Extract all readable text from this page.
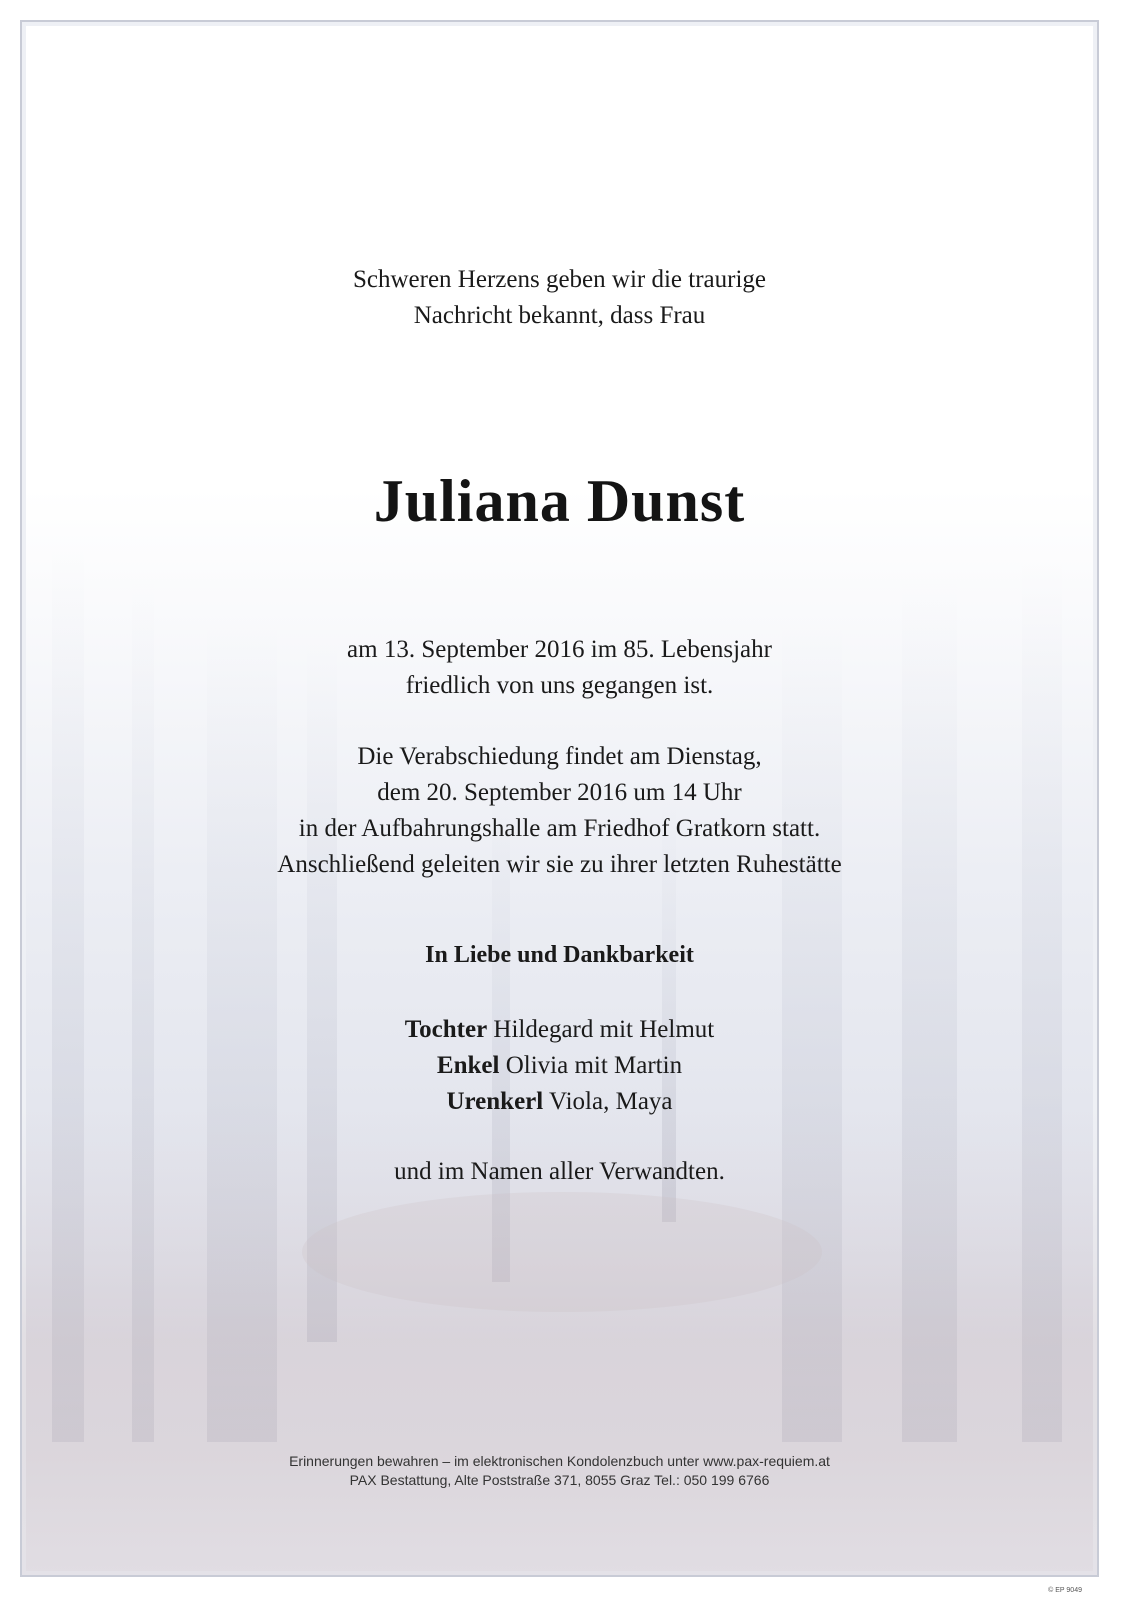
Schweren Herzens geben wir die traurige
Nachricht bekannt, dass Frau
Juliana Dunst
am 13. September 2016 im 85. Lebensjahr
friedlich von uns gegangen ist.
Die Verabschiedung findet am Dienstag,
dem 20. September 2016 um 14 Uhr
in der Aufbahrungshalle am Friedhof Gratkorn statt.
Anschließend geleiten wir sie zu ihrer letzten Ruhestätte
In Liebe und Dankbarkeit
Tochter Hildegard mit Helmut
Enkel Olivia mit Martin
Urenkerl Viola, Maya
und im Namen aller Verwandten.
Erinnerungen bewahren – im elektronischen Kondolenzbuch unter www.pax-requiem.at
PAX Bestattung, Alte Poststraße 371, 8055 Graz Tel.: 050 199 6766
© EP 9049
